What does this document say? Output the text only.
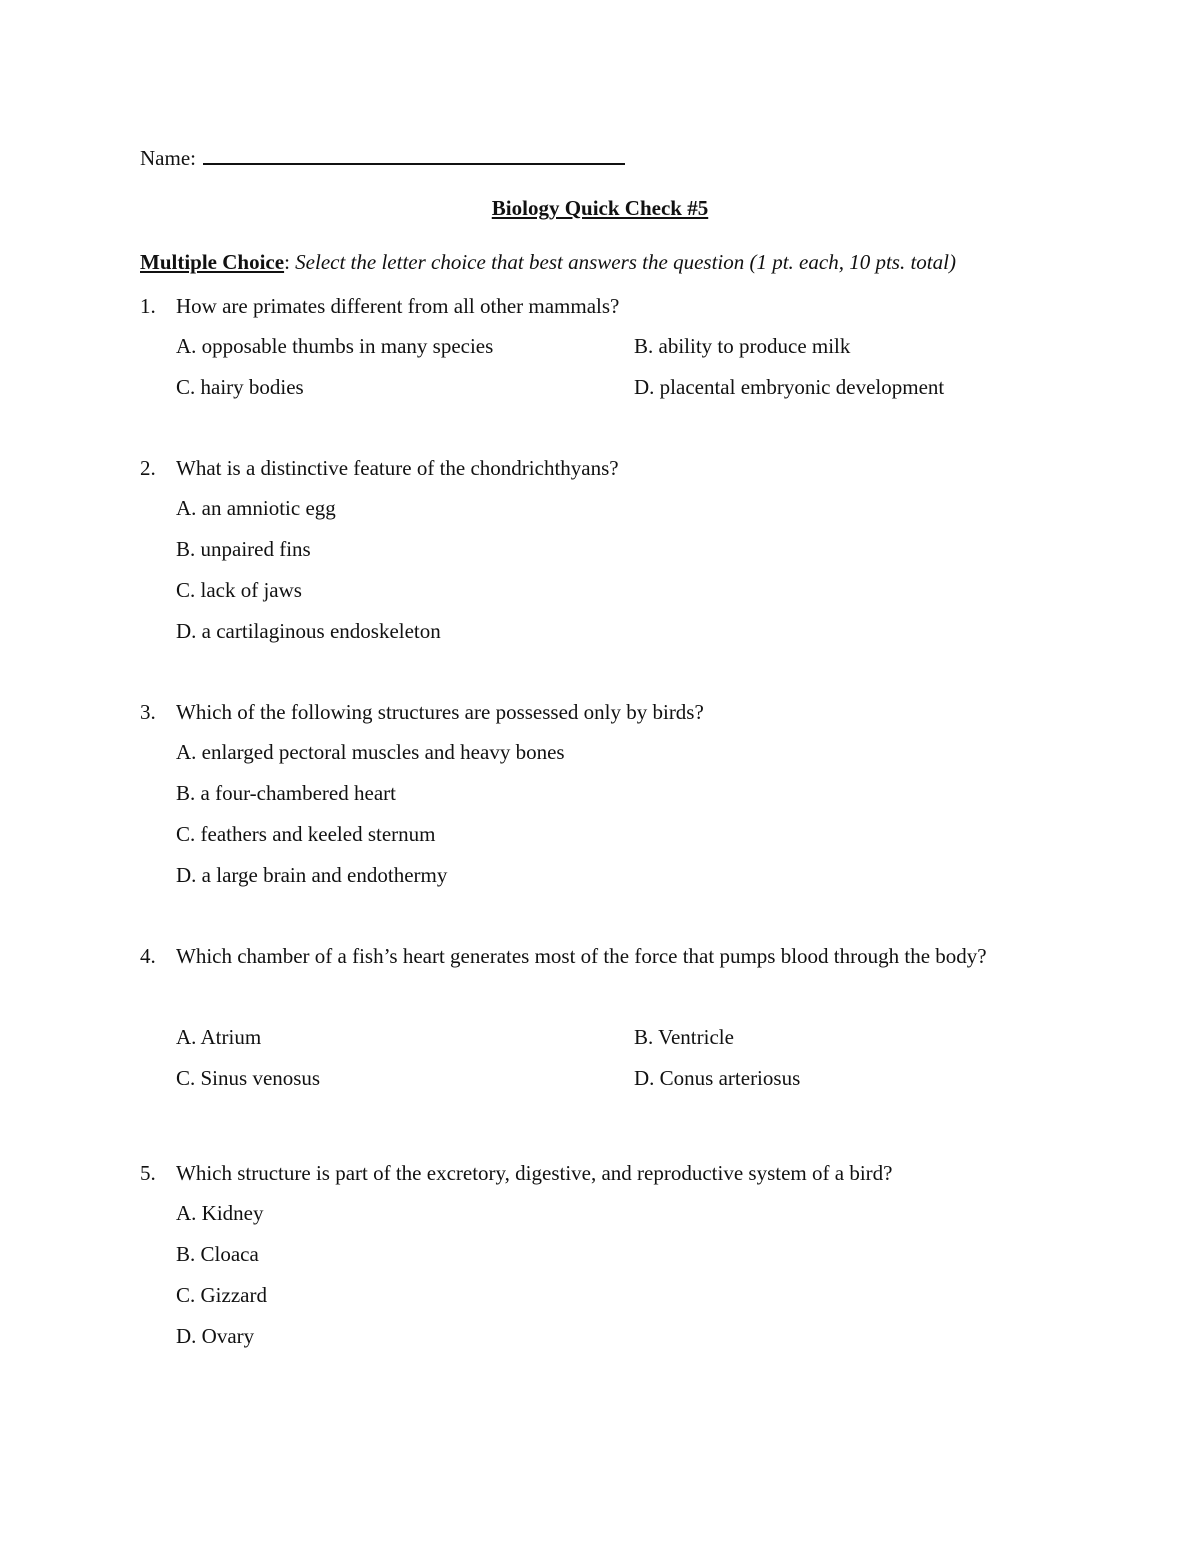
Name:
Biology Quick Check #5
Multiple Choice: Select the letter choice that best answers the question (1 pt. each, 10 pts. total)
1. How are primates different from all other mammals?
A. opposable thumbs in many species	B. ability to produce milk
C. hairy bodies	D. placental embryonic development
2. What is a distinctive feature of the chondrichthyans?
A. an amniotic egg
B. unpaired fins
C. lack of jaws
D. a cartilaginous endoskeleton
3. Which of the following structures are possessed only by birds?
A. enlarged pectoral muscles and heavy bones
B. a four-chambered heart
C. feathers and keeled sternum
D. a large brain and endothermy
4. Which chamber of a fish’s heart generates most of the force that pumps blood through the body?
A. Atrium	B. Ventricle
C. Sinus venosus	D. Conus arteriosus
5. Which structure is part of the excretory, digestive, and reproductive system of a bird?
A. Kidney
B. Cloaca
C. Gizzard
D. Ovary
